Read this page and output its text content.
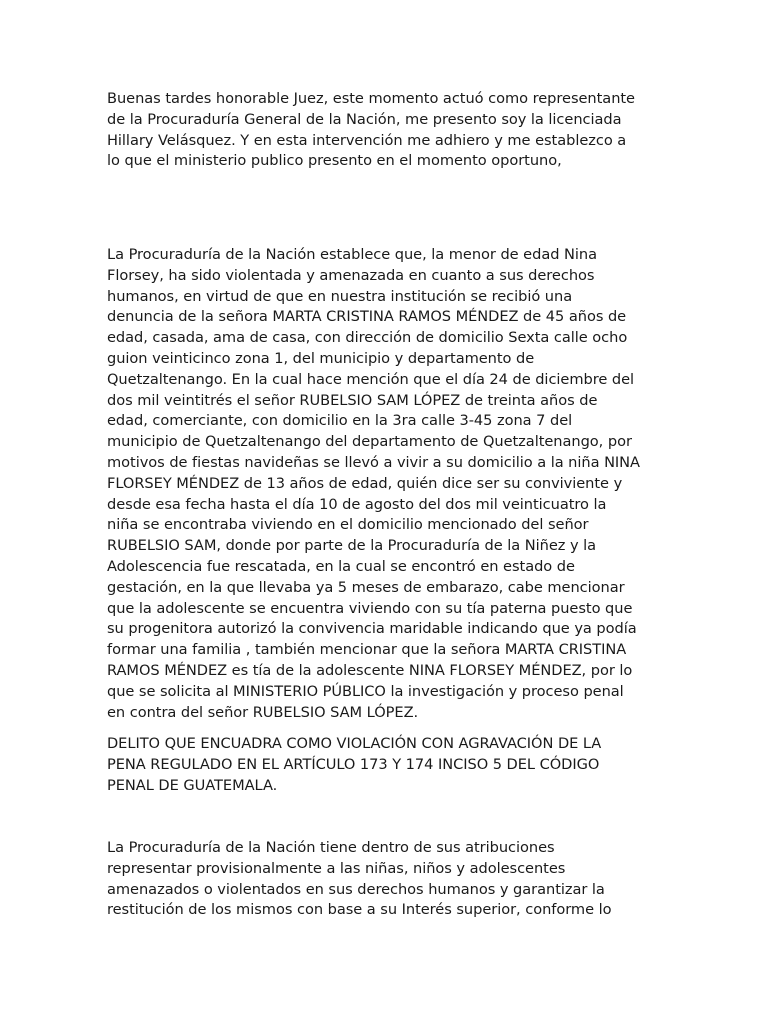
Buenas tardes honorable Juez, este momento actuó como representante
de la Procuraduría General de la Nación, me presento soy la licenciada
Hillary Velásquez. Y en esta intervención me adhiero y me establezco a
lo que el ministerio publico presento en el momento oportuno,

La Procuraduría de la Nación establece que, la menor de edad Nina
Florsey, ha sido violentada y amenazada en cuanto a sus derechos
humanos, en virtud de que en nuestra institución se recibió una
denuncia de la señora MARTA CRISTINA RAMOS MÉNDEZ de 45 años de
edad, casada, ama de casa, con dirección de domicilio Sexta calle ocho
guion veinticinco zona 1, del municipio y departamento de
Quetzaltenango. En la cual hace mención que el día 24 de diciembre del
dos mil veintitrés el señor RUBELSIO SAM LÓPEZ de treinta años de
edad, comerciante, con domicilio en la 3ra calle 3-45 zona 7 del
municipio de Quetzaltenango del departamento de Quetzaltenango, por
motivos de fiestas navideñas se llevó a vivir a su domicilio a la niña NINA
FLORSEY MÉNDEZ de 13 años de edad, quién dice ser su conviviente y
desde esa fecha hasta el día 10 de agosto del dos mil veinticuatro la
niña se encontraba viviendo en el domicilio mencionado del señor
RUBELSIO SAM, donde por parte de la Procuraduría de la Niñez y la
Adolescencia fue rescatada, en la cual se encontró en estado de
gestación, en la que llevaba ya 5 meses de embarazo, cabe mencionar
que la adolescente se encuentra viviendo con su tía paterna puesto que
su progenitora autorizó la convivencia maridable indicando que ya podía
formar una familia , también mencionar que la señora MARTA CRISTINA
RAMOS MÉNDEZ es tía de la adolescente NINA FLORSEY MÉNDEZ, por lo
que se solicita al MINISTERIO PÚBLICO la investigación y proceso penal
en contra del señor RUBELSIO SAM LÓPEZ.

DELITO QUE ENCUADRA COMO VIOLACIÓN CON AGRAVACIÓN DE LA
PENA REGULADO EN EL ARTÍCULO 173 Y 174 INCISO 5 DEL CÓDIGO
PENAL DE GUATEMALA.

La Procuraduría de la Nación tiene dentro de sus atribuciones
representar provisionalmente a las niñas, niños y adolescentes
amenazados o violentados en sus derechos humanos y garantizar la
restitución de los mismos con base a su Interés superior, conforme lo
